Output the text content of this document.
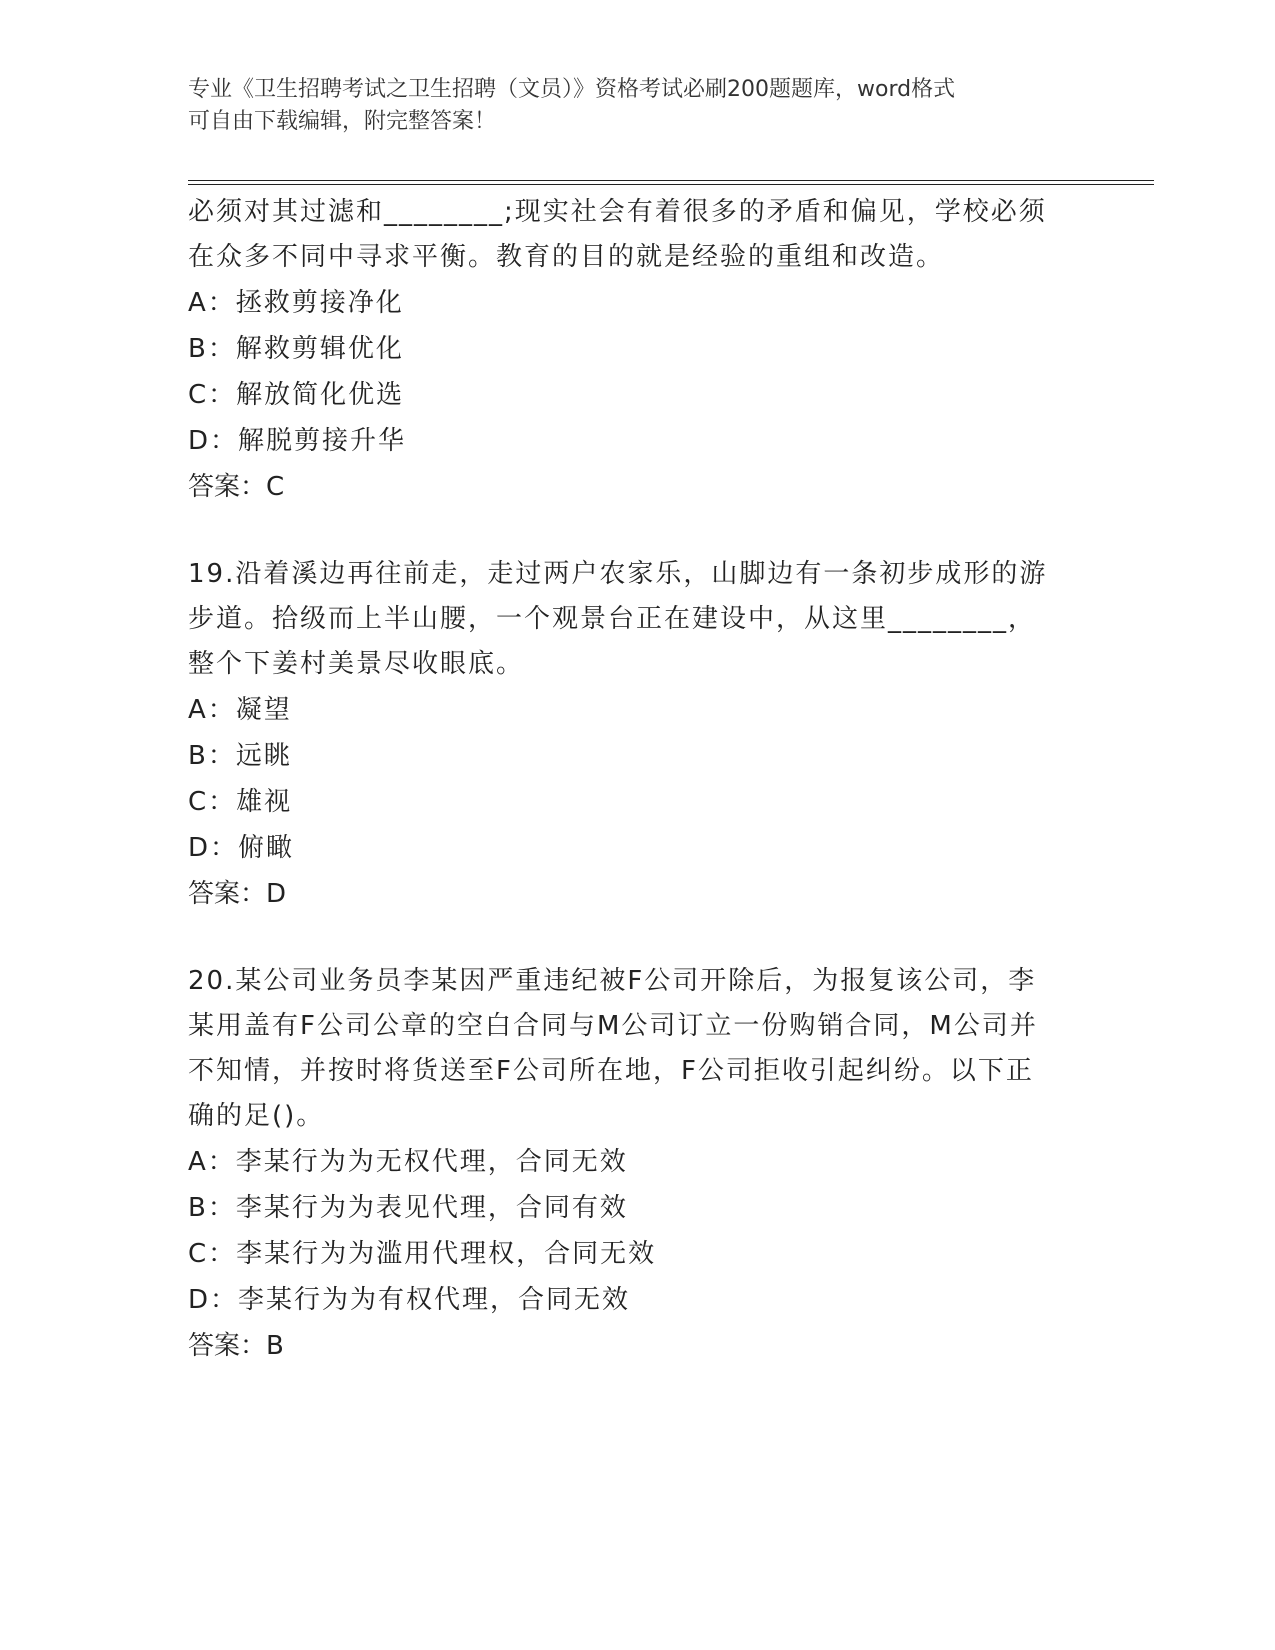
专业《卫生招聘考试之卫生招聘（文员）》资格考试必刷200题题库，word格式
可自由下载编辑，附完整答案！
必须对其过滤和________;现实社会有着很多的矛盾和偏见，学校必须
在众多不同中寻求平衡。教育的目的就是经验的重组和改造。
A：拯救剪接净化
B：解救剪辑优化
C：解放简化优选
D：解脱剪接升华
答案：C
19.沿着溪边再往前走，走过两户农家乐，山脚边有一条初步成形的游
步道。拾级而上半山腰，一个观景台正在建设中，从这里________，
整个下姜村美景尽收眼底。
A：凝望
B：远眺
C：雄视
D：俯瞰
答案：D
20.某公司业务员李某因严重违纪被F公司开除后，为报复该公司，李
某用盖有F公司公章的空白合同与M公司订立一份购销合同，M公司并
不知情，并按时将货送至F公司所在地，F公司拒收引起纠纷。以下正
确的足()。
A：李某行为为无权代理，合同无效
B：李某行为为表见代理，合同有效
C：李某行为为滥用代理权，合同无效
D：李某行为为有权代理，合同无效
答案：B
